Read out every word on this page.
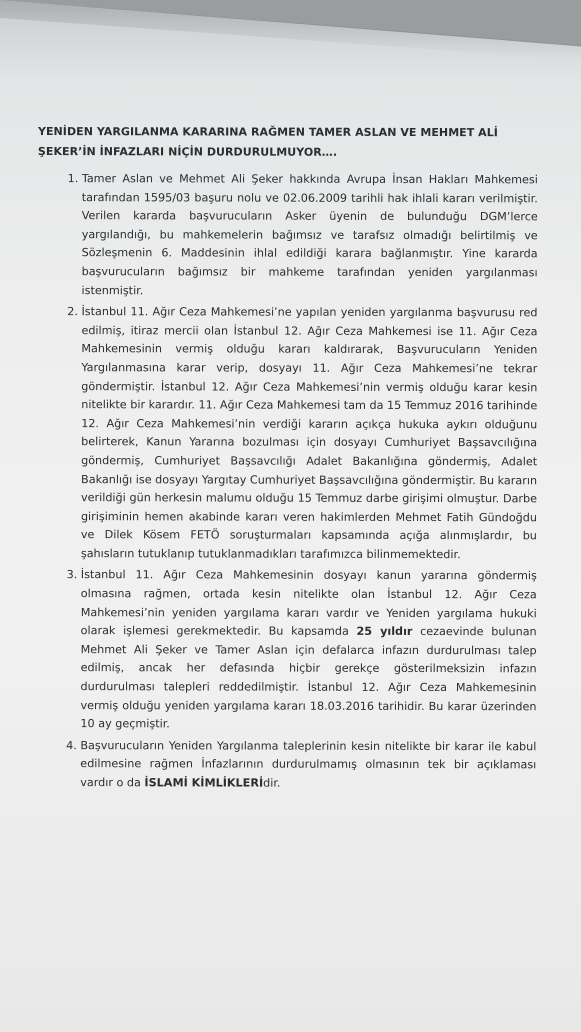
YENİDEN YARGILANMA KARARINA RAĞMEN TAMER ASLAN VE MEHMET ALİ ŞEKER’İN İNFAZLARI NİÇİN DURDURULMUYOR….
1. Tamer Aslan ve Mehmet Ali Şeker hakkında Avrupa İnsan Hakları Mahkemesi tarafından 1595/03 başuru nolu ve 02.06.2009 tarihli hak ihlali kararı verilmiştir. Verilen kararda başvurucuların Asker üyenin de bulunduğu DGM’lerce yargılandığı, bu mahkemelerin bağımsız ve tarafsız olmadığı belirtilmiş ve Sözleşmenin 6. Maddesinin ihlal edildiği karara bağlanmıştır. Yine kararda başvurucuların bağımsız bir mahkeme tarafından yeniden yargılanması istenmiştir.
2. İstanbul 11. Ağır Ceza Mahkemesi’ne yapılan yeniden yargılanma başvurusu red edilmiş, itiraz mercii olan İstanbul 12. Ağır Ceza Mahkemesi ise 11. Ağır Ceza Mahkemesinin vermiş olduğu kararı kaldırarak, Başvurucuların Yeniden Yargılanmasına karar verip, dosyayı 11. Ağır Ceza Mahkemesi’ne tekrar göndermiştir. İstanbul 12. Ağır Ceza Mahkemesi’nin vermiş olduğu karar kesin nitelikte bir karardır. 11. Ağır Ceza Mahkemesi tam da 15 Temmuz 2016 tarihinde 12. Ağır Ceza Mahkemesi’nin verdiği kararın açıkça hukuka aykırı olduğunu belirterek, Kanun Yararına bozulması için dosyayı Cumhuriyet Başsavcılığına göndermiş, Cumhuriyet Başsavcılığı Adalet Bakanlığına göndermiş, Adalet Bakanlığı ise dosyayı Yargıtay Cumhuriyet Başsavcılığına göndermiştir. Bu kararın verildiği gün herkesin malumu olduğu 15 Temmuz darbe girişimi olmuştur. Darbe girişiminin hemen akabinde kararı veren hakimlerden Mehmet Fatih Gündoğdu ve Dilek Kösem FETÖ soruşturmaları kapsamında açığa alınmışlardır, bu şahısların tutuklanıp tutuklanmadıkları tarafımızca bilinmemektedir.
3. İstanbul 11. Ağır Ceza Mahkemesinin dosyayı kanun yararına göndermiş olmasına rağmen, ortada kesin nitelikte olan İstanbul 12. Ağır Ceza Mahkemesi’nin yeniden yargılama kararı vardır ve Yeniden yargılama hukuki olarak işlemesi gerekmektedir. Bu kapsamda 25 yıldır cezaevinde bulunan Mehmet Ali Şeker ve Tamer Aslan için defalarca infazın durdurulması talep edilmiş, ancak her defasında hiçbir gerekçe gösterilmeksizin infazın durdurulması talepleri reddedilmiştir. İstanbul 12. Ağır Ceza Mahkemesinin vermiş olduğu yeniden yargılama kararı 18.03.2016 tarihidir. Bu karar üzerinden 10 ay geçmiştir.
4. Başvurucuların Yeniden Yargılanma taleplerinin kesin nitelikte bir karar ile kabul edilmesine rağmen İnfazlarının durdurulmamış olmasının tek bir açıklaması vardır o da İSLAMİ KİMLİKLERİdir.
